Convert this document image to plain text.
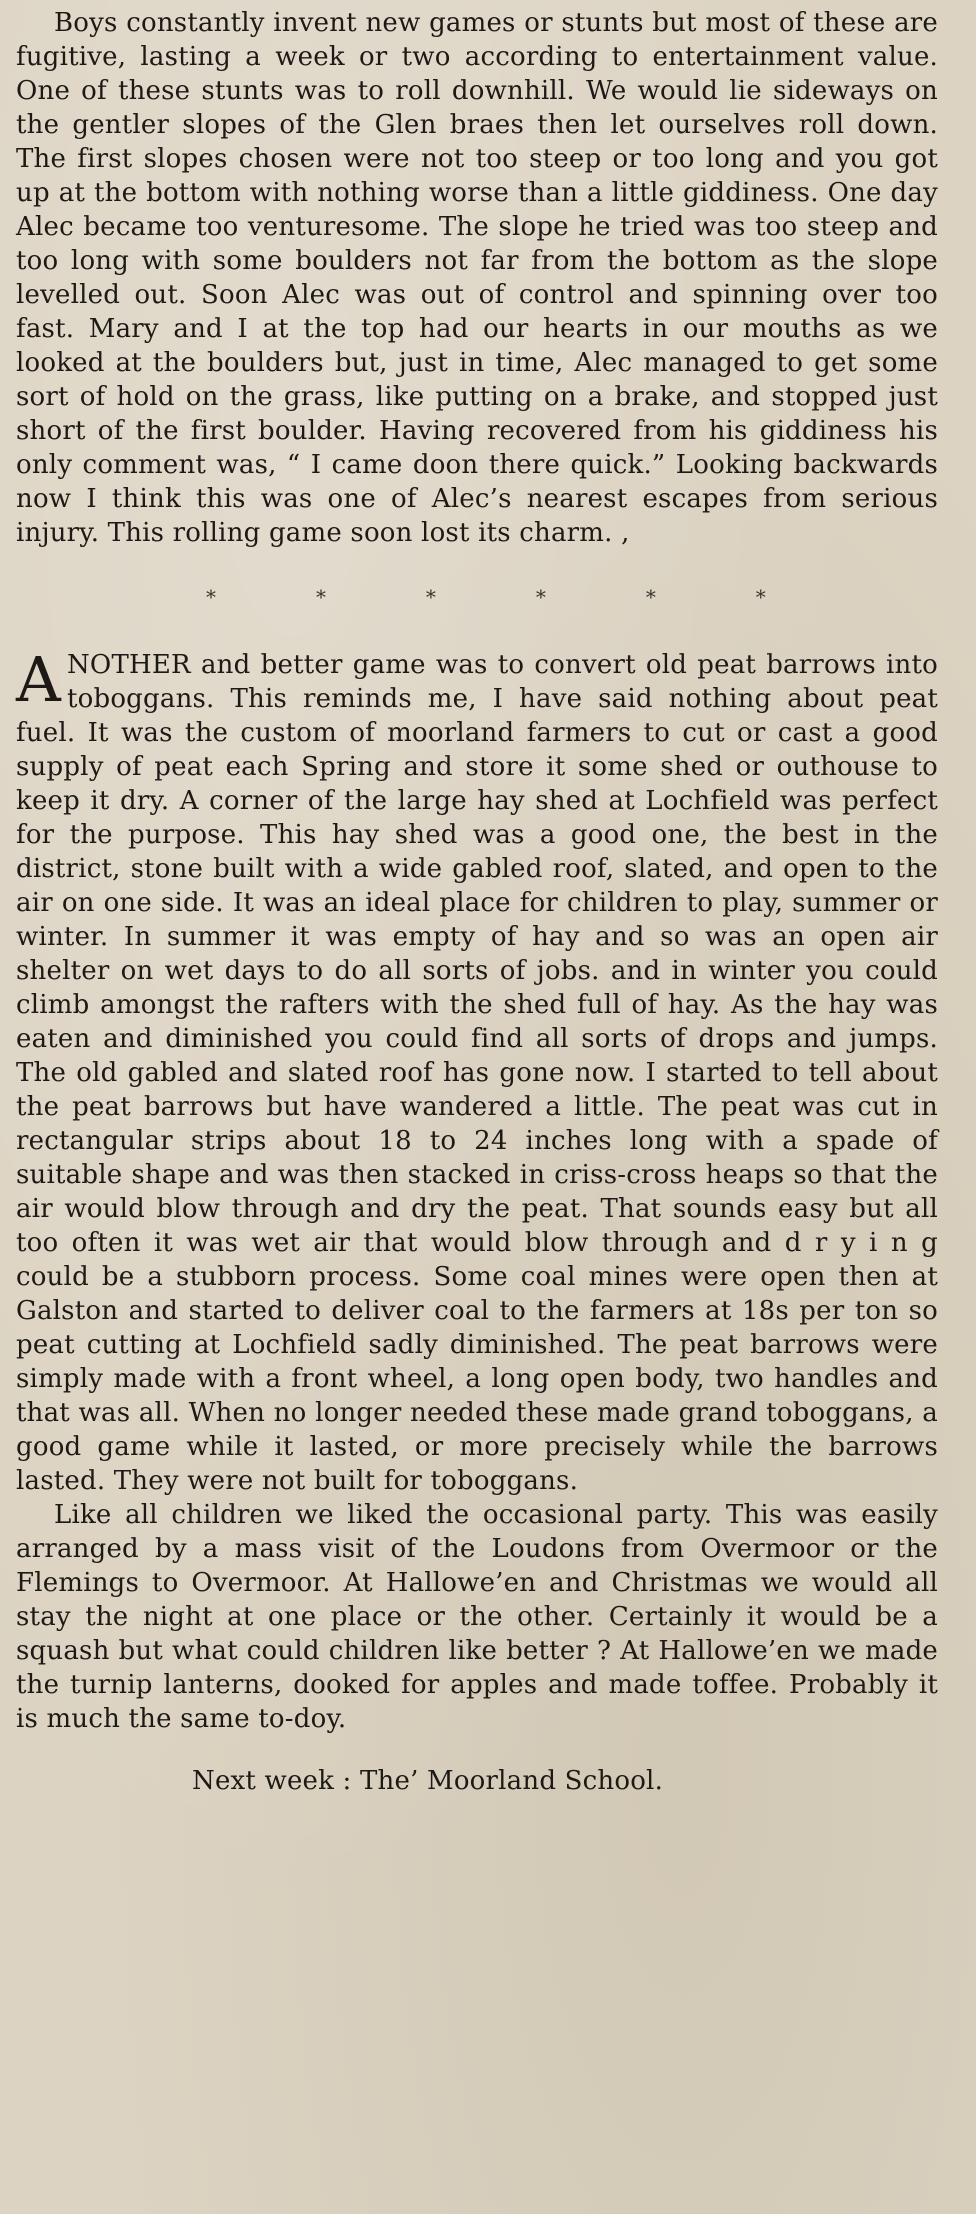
Boys constantly invent new games or stunts but most of these are fugitive, lasting a week or two according to entertainment value. One of these stunts was to roll downhill. We would lie sideways on the gentler slopes of the Glen braes then let ourselves roll down. The first slopes chosen were not too steep or too long and you got up at the bottom with nothing worse than a little giddiness. One day Alec became too venturesome. The slope he tried was too steep and too long with some boulders not far from the bottom as the slope levelled out. Soon Alec was out of control and spinning over too fast. Mary and I at the top had our hearts in our mouths as we looked at the boulders but, just in time, Alec managed to get some sort of hold on the grass, like putting on a brake, and stopped just short of the first boulder. Having recovered from his giddiness his only comment was, “ I came doon there quick.” Looking backwards now I think this was one of Alec’s nearest escapes from serious injury. This rolling game soon lost its charm. ,

*	*	*	*	*	*

ANOTHER and better game was to convert old peat barrows into toboggans. This reminds me, I have said nothing about peat fuel. It was the custom of moorland farmers to cut or cast a good supply of peat each Spring and store it some shed or outhouse to keep it dry. A corner of the large hay shed at Lochfield was perfect for the purpose. This hay shed was a good one, the best in the district, stone built with a wide gabled roof, slated, and open to the air on one side. It was an ideal place for children to play, summer or winter. In summer it was empty of hay and so was an open air shelter on wet days to do all sorts of jobs. and in winter you could climb amongst the rafters with the shed full of hay. As the hay was eaten and diminished you could find all sorts of drops and jumps. The old gabled and slated roof has gone now. I started to tell about the peat barrows but have wandered a little. The peat was cut in rectangular strips about 18 to 24 inches long with a spade of suitable shape and was then stacked in criss-cross heaps so that the air would blow through and dry the peat. That sounds easy but all too often it was wet air that would blow through and d r y i n g could be a stubborn process. Some coal mines were open then at Galston and started to deliver coal to the farmers at 18s per ton so peat cutting at Lochfield sadly diminished. The peat barrows were simply made with a front wheel, a long open body, two handles and that was all. When no longer needed these made grand toboggans, a good game while it lasted, or more precisely while the barrows lasted. They were not built for toboggans.

Like all children we liked the occasional party. This was easily arranged by a mass visit of the Loudons from Overmoor or the Flemings to Overmoor. At Hallowe’en and Christmas we would all stay the night at one place or the other. Certainly it would be a squash but what could children like better ? At Hallowe’en we made the turnip lanterns, dooked for apples and made toffee. Probably it is much the same to-doy.

Next week : The’ Moorland School.
